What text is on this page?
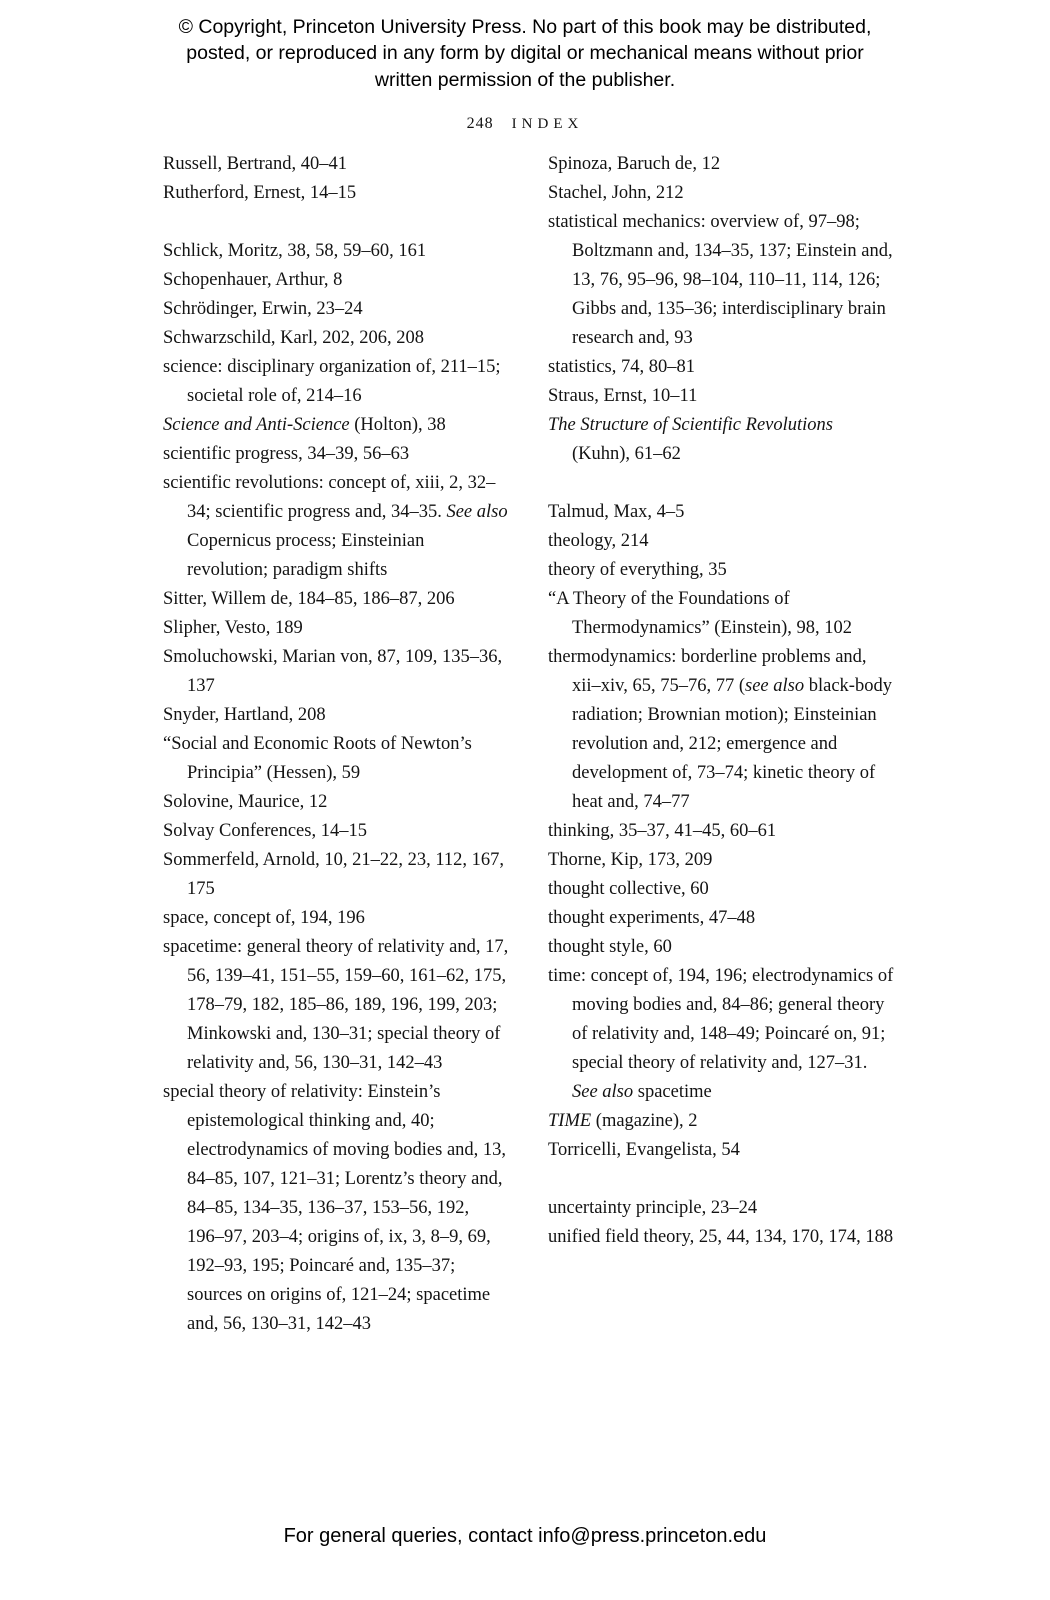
© Copyright, Princeton University Press. No part of this book may be distributed, posted, or reproduced in any form by digital or mechanical means without prior written permission of the publisher.
248 INDEX
Russell, Bertrand, 40–41
Rutherford, Ernest, 14–15
Schlick, Moritz, 38, 58, 59–60, 161
Schopenhauer, Arthur, 8
Schrödinger, Erwin, 23–24
Schwarzschild, Karl, 202, 206, 208
science: disciplinary organization of, 211–15; societal role of, 214–16
Science and Anti-Science (Holton), 38
scientific progress, 34–39, 56–63
scientific revolutions: concept of, xiii, 2, 32–34; scientific progress and, 34–35. See also Copernicus process; Einsteinian revolution; paradigm shifts
Sitter, Willem de, 184–85, 186–87, 206
Slipher, Vesto, 189
Smoluchowski, Marian von, 87, 109, 135–36, 137
Snyder, Hartland, 208
“Social and Economic Roots of Newton’s Principia” (Hessen), 59
Solovine, Maurice, 12
Solvay Conferences, 14–15
Sommerfeld, Arnold, 10, 21–22, 23, 112, 167, 175
space, concept of, 194, 196
spacetime: general theory of relativity and, 17, 56, 139–41, 151–55, 159–60, 161–62, 175, 178–79, 182, 185–86, 189, 196, 199, 203; Minkowski and, 130–31; special theory of relativity and, 56, 130–31, 142–43
special theory of relativity: Einstein’s epistemological thinking and, 40; electrodynamics of moving bodies and, 13, 84–85, 107, 121–31; Lorentz’s theory and, 84–85, 134–35, 136–37, 153–56, 192, 196–97, 203–4; origins of, ix, 3, 8–9, 69, 192–93, 195; Poincaré and, 135–37; sources on origins of, 121–24; spacetime and, 56, 130–31, 142–43
Spinoza, Baruch de, 12
Stachel, John, 212
statistical mechanics: overview of, 97–98; Boltzmann and, 134–35, 137; Einstein and, 13, 76, 95–96, 98–104, 110–11, 114, 126; Gibbs and, 135–36; interdisciplinary brain research and, 93
statistics, 74, 80–81
Straus, Ernst, 10–11
The Structure of Scientific Revolutions (Kuhn), 61–62
Talmud, Max, 4–5
theology, 214
theory of everything, 35
“A Theory of the Foundations of Thermodynamics” (Einstein), 98, 102
thermodynamics: borderline problems and, xii–xiv, 65, 75–76, 77 (see also black-body radiation; Brownian motion); Einsteinian revolution and, 212; emergence and development of, 73–74; kinetic theory of heat and, 74–77
thinking, 35–37, 41–45, 60–61
Thorne, Kip, 173, 209
thought collective, 60
thought experiments, 47–48
thought style, 60
time: concept of, 194, 196; electrodynamics of moving bodies and, 84–86; general theory of relativity and, 148–49; Poincaré on, 91; special theory of relativity and, 127–31. See also spacetime
TIME (magazine), 2
Torricelli, Evangelista, 54
uncertainty principle, 23–24
unified field theory, 25, 44, 134, 170, 174, 188
For general queries, contact info@press.princeton.edu
